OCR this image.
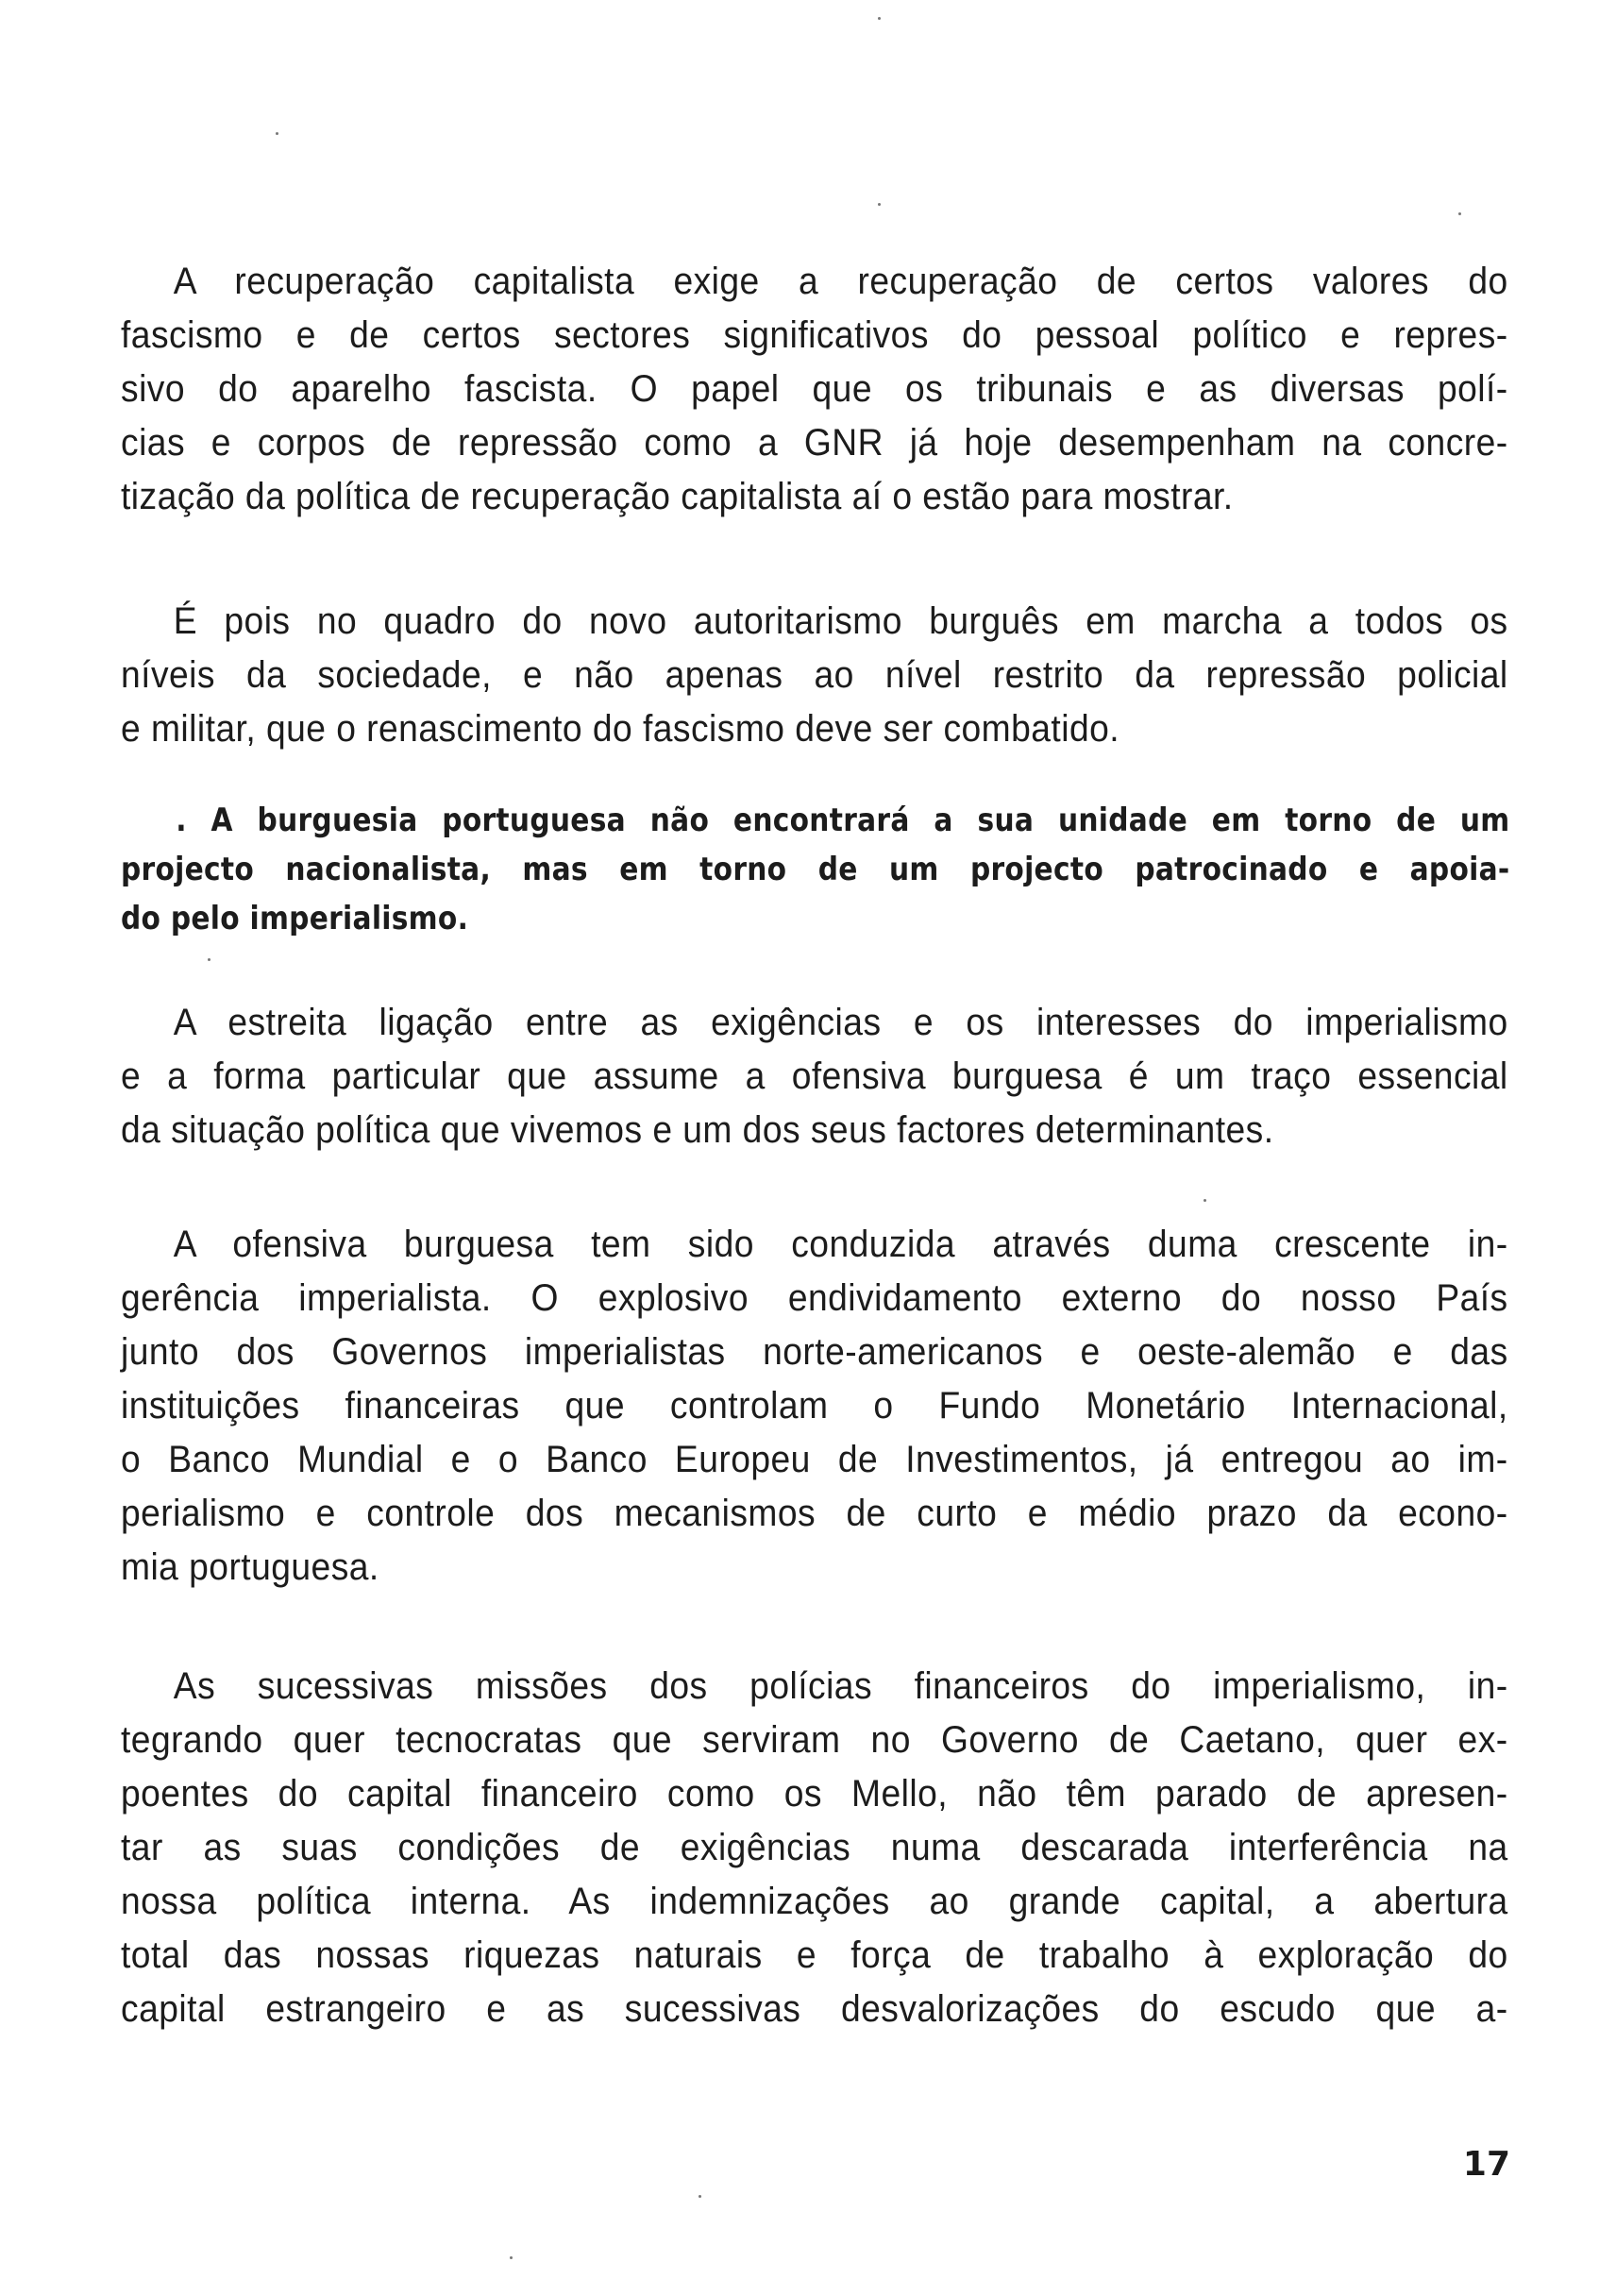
A recuperação capitalista exige a recuperação de certos valores do
fascismo e de certos sectores significativos do pessoal político e repres-
sivo do aparelho fascista. O papel que os tribunais e as diversas polí-
cias e corpos de repressão como a GNR já hoje desempenham na concre-
tização da política de recuperação capitalista aí o estão para mostrar.
É pois no quadro do novo autoritarismo burguês em marcha a todos os
níveis da sociedade, e não apenas ao nível restrito da repressão policial
e militar, que o renascimento do fascismo deve ser combatido.
. A burguesia portuguesa não encontrará a sua unidade em torno de um
projecto nacionalista, mas em torno de um projecto patrocinado e apoia-
do pelo imperialismo.
A estreita ligação entre as exigências e os interesses do imperialismo
e a forma particular que assume a ofensiva burguesa é um traço essencial
da situação política que vivemos e um dos seus factores determinantes.
A ofensiva burguesa tem sido conduzida através duma crescente in-
gerência imperialista. O explosivo endividamento externo do nosso País
junto dos Governos imperialistas norte-americanos e oeste-alemão e das
instituições financeiras que controlam o Fundo Monetário Internacional,
o Banco Mundial e o Banco Europeu de Investimentos, já entregou ao im-
perialismo e controle dos mecanismos de curto e médio prazo da econo-
mia portuguesa.
As sucessivas missões dos polícias financeiros do imperialismo, in-
tegrando quer tecnocratas que serviram no Governo de Caetano, quer ex-
poentes do capital financeiro como os Mello, não têm parado de apresen-
tar as suas condições de exigências numa descarada interferência na
nossa política interna. As indemnizações ao grande capital, a abertura
total das nossas riquezas naturais e força de trabalho à exploração do
capital estrangeiro e as sucessivas desvalorizações do escudo que a-
17
